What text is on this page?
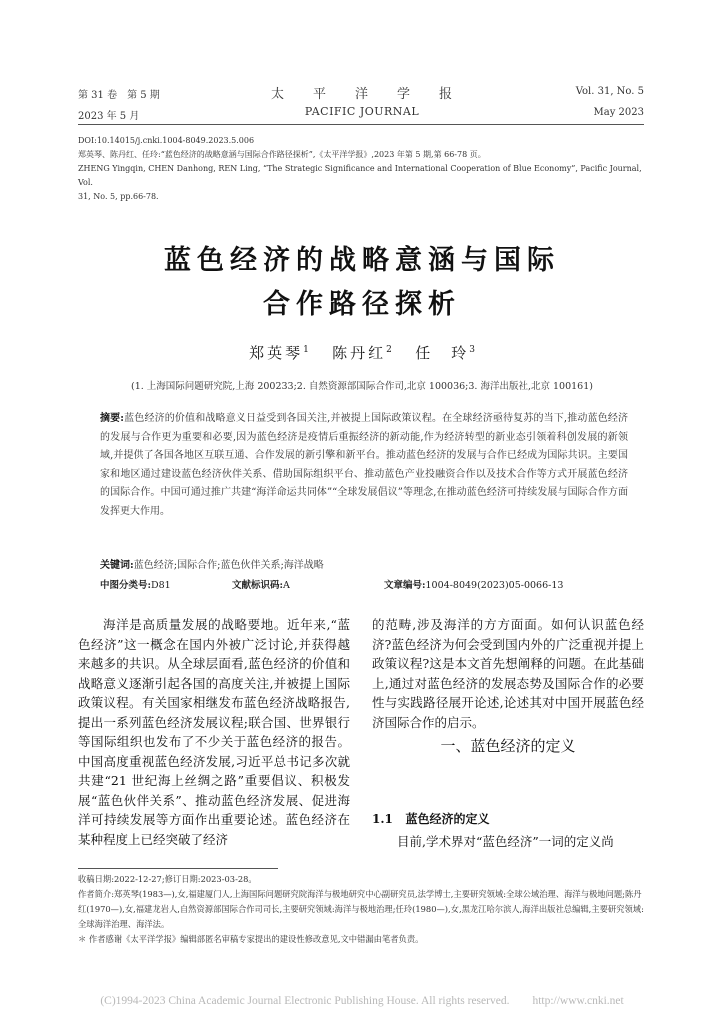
第 31 卷　第 5 期
2023 年 5 月
太　　平　　洋　　学　　报
PACIFIC JOURNAL
Vol. 31, No. 5
May 2023
DOI:10.14015/j.cnki.1004-8049.2023.5.006
郑英琴、陈丹红、任玲:“蓝色经济的战略意涵与国际合作路径探析”,《太平洋学报》,2023 年第 5 期,第 66-78 页。
ZHENG Yingqin, CHEN Danhong, REN Ling, “The Strategic Significance and International Cooperation of Blue Economy”, Pacific Journal, Vol.
31, No. 5, pp.66-78.
蓝色经济的战略意涵与国际
合作路径探析
郑英琴$^1$ 陈丹红$^2$ 任　玲$^3$
(1. 上海国际问题研究院,上海 200233;2. 自然资源部国际合作司,北京 100036;3. 海洋出版社,北京 100161)
摘要:蓝色经济的价值和战略意义日益受到各国关注,并被提上国际政策议程。在全球经济亟待复苏的当下,推动蓝色经济的发展与合作更为重要和必要,因为蓝色经济是疫情后重振经济的新动能,作为经济转型的新业态引领着科创发展的新领域,并提供了各国各地区互联互通、合作发展的新引擎和新平台。推动蓝色经济的发展与合作已经成为国际共识。主要国家和地区通过建设蓝色经济伙伴关系、借助国际组织平台、推动蓝色产业投融资合作以及技术合作等方式开展蓝色经济的国际合作。中国可通过推广共建“海洋命运共同体”“全球发展倡议”等理念,在推动蓝色经济可持续发展与国际合作方面发挥更大作用。
关键词:蓝色经济;国际合作;蓝色伙伴关系;海洋战略
中图分类号:D81	文献标识码:A	文章编号:1004-8049(2023)05-0066-13
海洋是高质量发展的战略要地。近年来,“蓝色经济”这一概念在国内外被广泛讨论,并获得越来越多的共识。从全球层面看,蓝色经济的价值和战略意义逐渐引起各国的高度关注,并被提上国际政策议程。有关国家相继发布蓝色经济战略报告,提出一系列蓝色经济发展议程;联合国、世界银行等国际组织也发布了不少关于蓝色经济的报告。中国高度重视蓝色经济发展,习近平总书记多次就共建“21 世纪海上丝绸之路”重要倡议、积极发展“蓝色伙伴关系”、推动蓝色经济发展、促进海洋可持续发展等方面作出重要论述。蓝色经济在某种程度上已经突破了经济
的范畴,涉及海洋的方方面面。如何认识蓝色经济?蓝色经济为何会受到国内外的广泛重视并提上政策议程?这是本文首先想阐释的问题。在此基础上,通过对蓝色经济的发展态势及国际合作的必要性与实践路径展开论述,论述其对中国开展蓝色经济国际合作的启示。
一、蓝色经济的定义
1.1 蓝色经济的定义
目前,学术界对“蓝色经济”一词的定义尚
收稿日期:2022-12-27;修订日期:2023-03-28。
作者简介:郑英琴(1983—),女,福建厦门人,上海国际问题研究院海洋与极地研究中心副研究员,法学博士,主要研究领域:全球公域治理、海洋与极地问题;陈丹红(1970—),女,福建龙岩人,自然资源部国际合作司司长,主要研究领域:海洋与极地治理;任玲(1980—),女,黑龙江哈尔滨人,海洋出版社总编辑,主要研究领域:全球海洋治理、海洋法。
＊ 作者感谢《太平洋学报》编辑部匿名审稿专家提出的建设性修改意见,文中错漏由笔者负责。
(C)1994-2023 China Academic Journal Electronic Publishing House. All rights reserved.　　http://www.cnki.net
